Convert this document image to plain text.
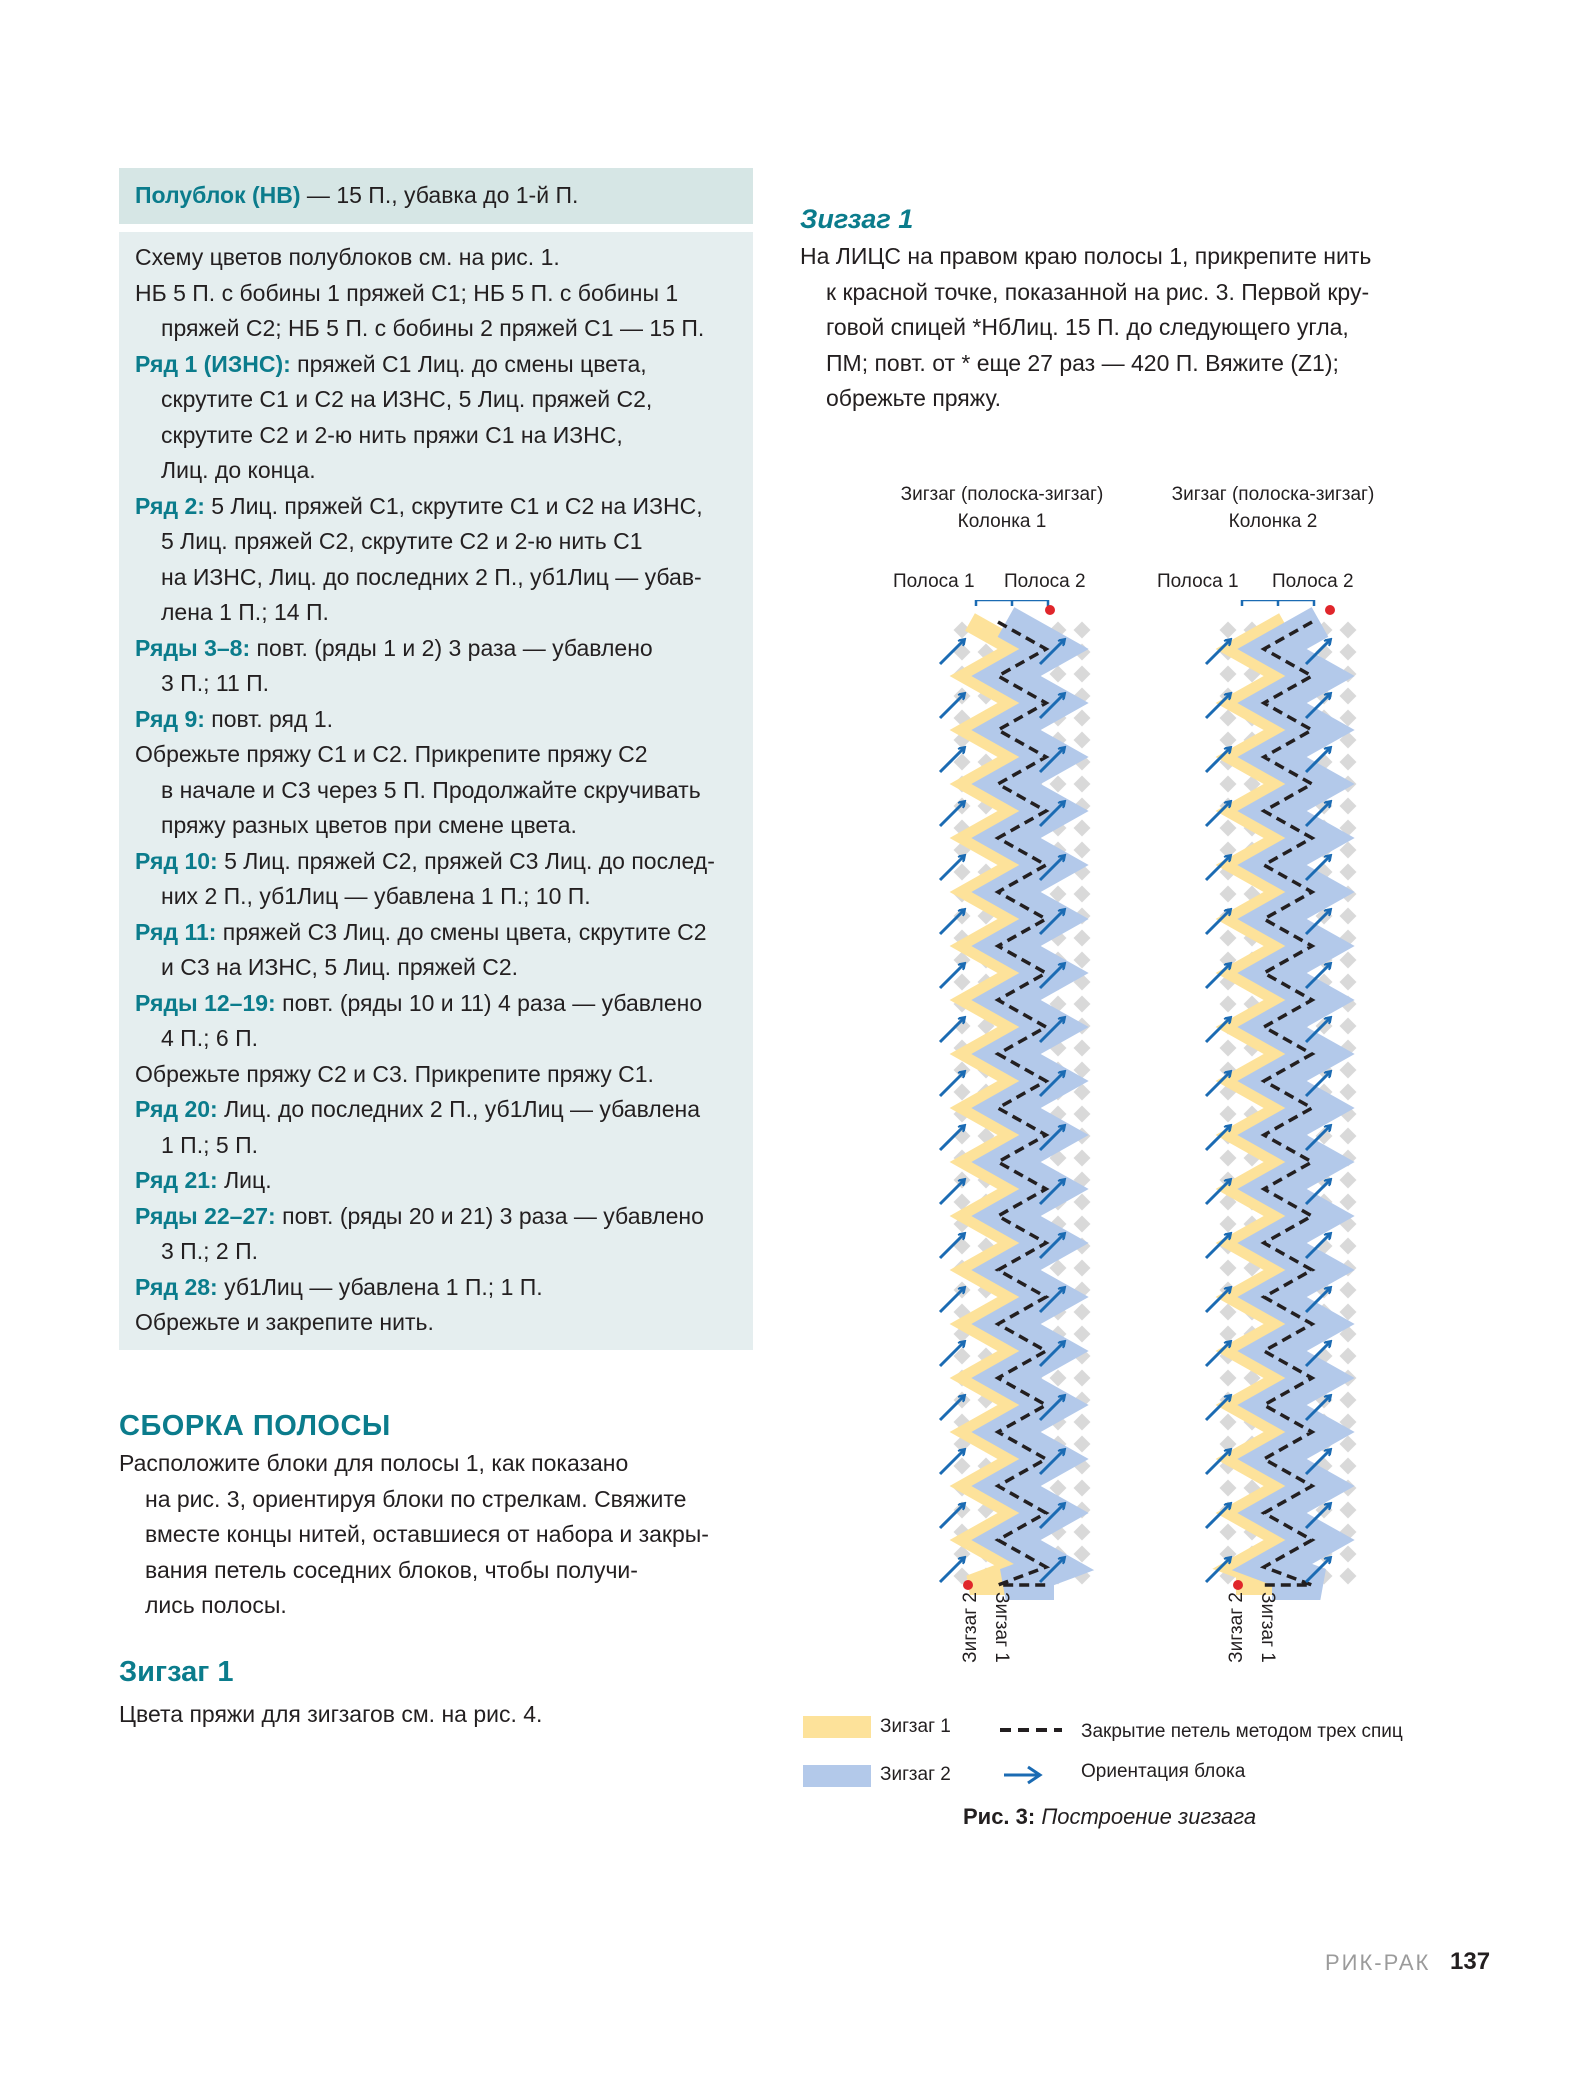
Полублок (НВ) — 15 П., убавка до 1-й П.
Схему цветов полублоков см. на рис. 1.
НБ 5 П. с бобины 1 пряжей С1; НБ 5 П. с бобины 1
пряжей С2; НБ 5 П. с бобины 2 пряжей С1 — 15 П.
Ряд 1 (ИЗНС): пряжей С1 Лиц. до смены цвета,
скрутите С1 и С2 на ИЗНС, 5 Лиц. пряжей С2,
скрутите С2 и 2-ю нить пряжи С1 на ИЗНС,
Лиц. до конца.
Ряд 2: 5 Лиц. пряжей С1, скрутите С1 и С2 на ИЗНС,
5 Лиц. пряжей С2, скрутите С2 и 2-ю нить С1
на ИЗНС, Лиц. до последних 2 П., уб1Лиц — убав-
лена 1 П.; 14 П.
Ряды 3–8: повт. (ряды 1 и 2) 3 раза — убавлено
3 П.; 11 П.
Ряд 9: повт. ряд 1.
Обрежьте пряжу С1 и С2. Прикрепите пряжу С2
в начале и С3 через 5 П. Продолжайте скручивать
пряжу разных цветов при смене цвета.
Ряд 10: 5 Лиц. пряжей С2, пряжей С3 Лиц. до послед-
них 2 П., уб1Лиц — убавлена 1 П.; 10 П.
Ряд 11: пряжей С3 Лиц. до смены цвета, скрутите С2
и С3 на ИЗНС, 5 Лиц. пряжей С2.
Ряды 12–19: повт. (ряды 10 и 11) 4 раза — убавлено
4 П.; 6 П.
Обрежьте пряжу С2 и С3. Прикрепите пряжу С1.
Ряд 20: Лиц. до последних 2 П., уб1Лиц — убавлена
1 П.; 5 П.
Ряд 21: Лиц.
Ряды 22–27: повт. (ряды 20 и 21) 3 раза — убавлено
3 П.; 2 П.
Ряд 28: уб1Лиц — убавлена 1 П.; 1 П.
Обрежьте и закрепите нить.
СБОРКА ПОЛОСЫ
Расположите блоки для полосы 1, как показано
на рис. 3, ориентируя блоки по стрелкам. Свяжите
вместе концы нитей, оставшиеся от набора и закры-
вания петель соседних блоков, чтобы получи-
лись полосы.
Зигзаг 1
Цвета пряжи для зигзагов см. на рис. 4.
Зигзаг 1
На ЛИЦС на правом краю полосы 1, прикрепите нить
к красной точке, показанной на рис. 3. Первой кру-
говой спицей *НбЛиц. 15 П. до следующего угла,
ПМ; повт. от * еще 27 раз — 420 П. Вяжите (Z1);
обрежьте пряжу.
Зигзаг (полоска-зигзаг)
Колонка 1
Зигзаг (полоска-зигзаг)
Колонка 2
Полоса 1 Полоса 2	Полоса 1 Полоса 2
Зигзаг 2 Зигзаг 1	Зигзаг 2 Зигзаг 1
Зигзаг 1
Зигзаг 2
Закрытие петель методом трех спиц
Ориентация блока
Рис. 3: Построение зигзага
РИК-РАК 137
